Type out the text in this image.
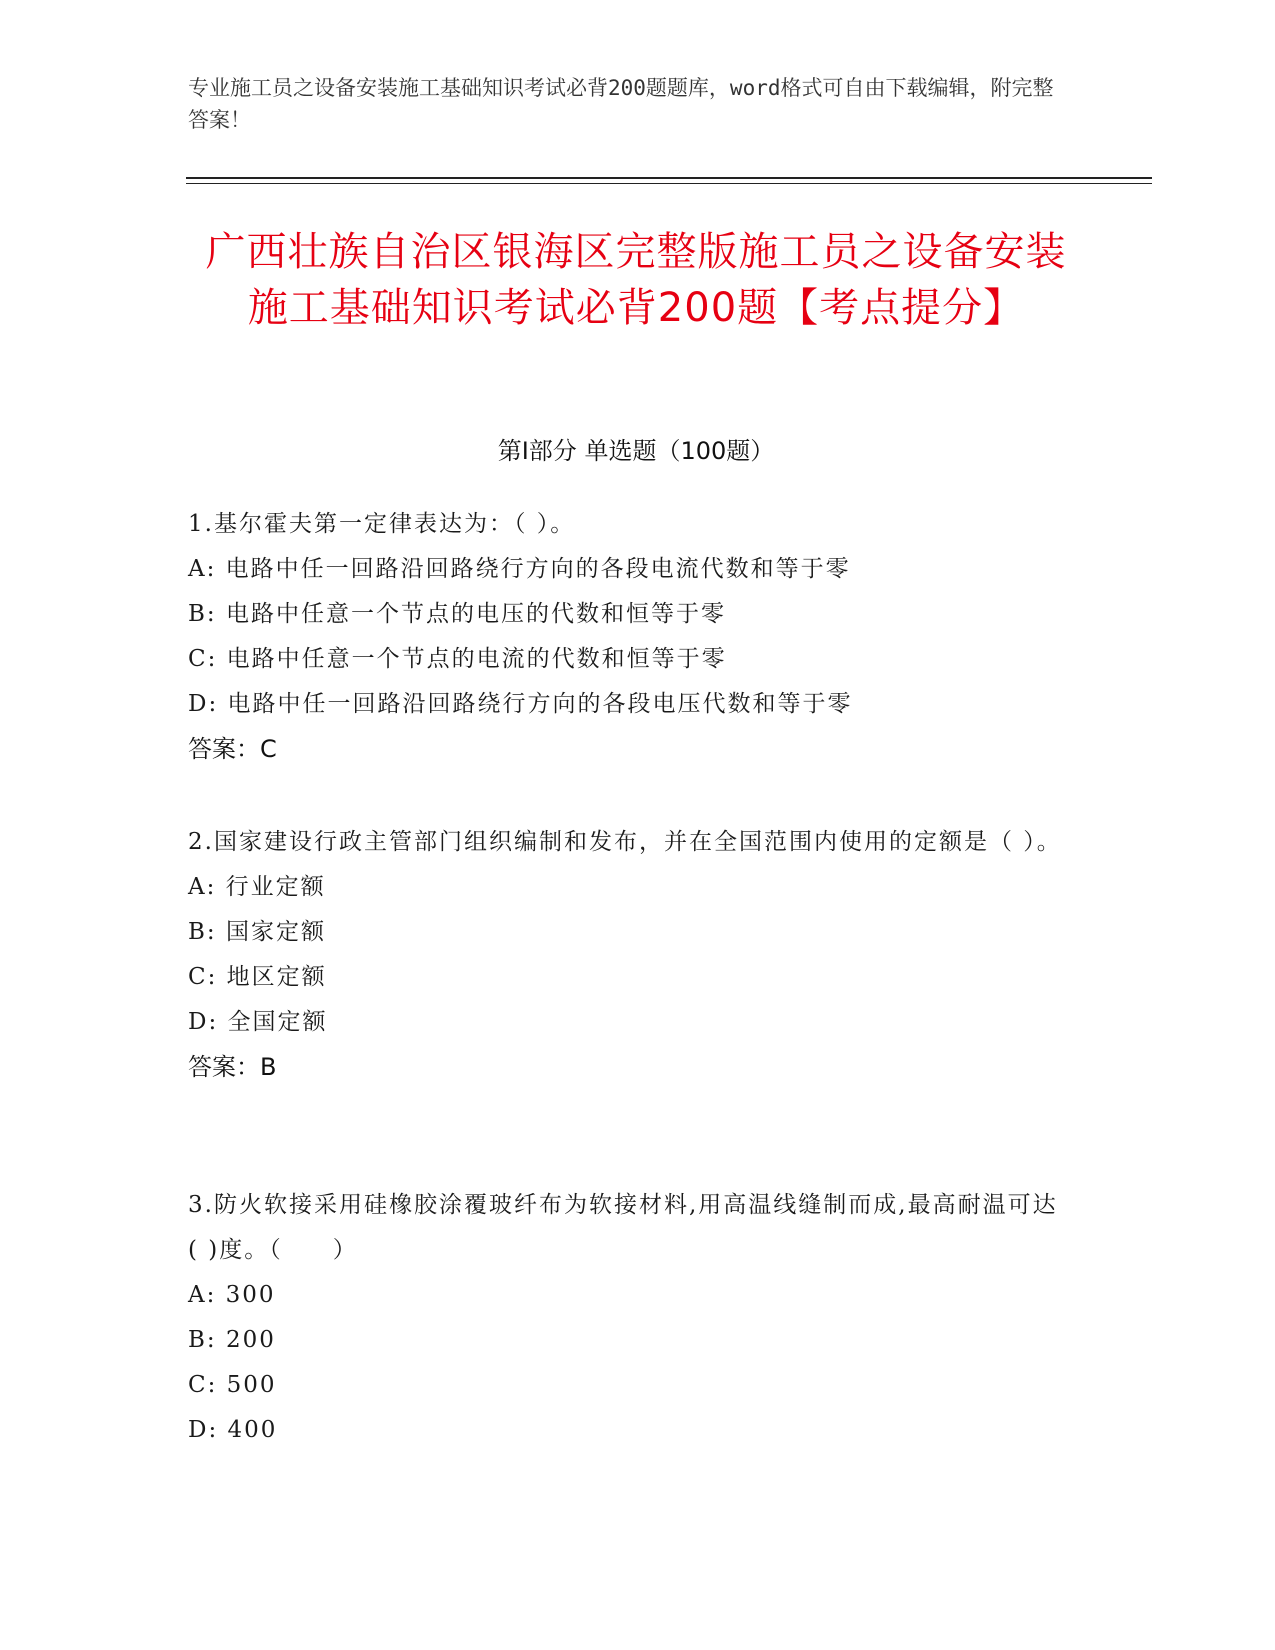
专业施工员之设备安装施工基础知识考试必背200题题库，word格式可自由下载编辑，附完整答案！
广西壮族自治区银海区完整版施工员之设备安装施工基础知识考试必背200题【考点提分】
第Ⅰ部分 单选题（100题）
1.基尔霍夫第一定律表达为：（ ）。
A: 电路中任一回路沿回路绕行方向的各段电流代数和等于零
B: 电路中任意一个节点的电压的代数和恒等于零
C: 电路中任意一个节点的电流的代数和恒等于零
D: 电路中任一回路沿回路绕行方向的各段电压代数和等于零
答案：C
2.国家建设行政主管部门组织编制和发布，并在全国范围内使用的定额是（ ）。
A: 行业定额
B: 国家定额
C: 地区定额
D: 全国定额
答案：B
3.防火软接采用硅橡胶涂覆玻纤布为软接材料,用高温线缝制而成,最高耐温可达( )度。（　　）
A: 300
B: 200
C: 500
D: 400
